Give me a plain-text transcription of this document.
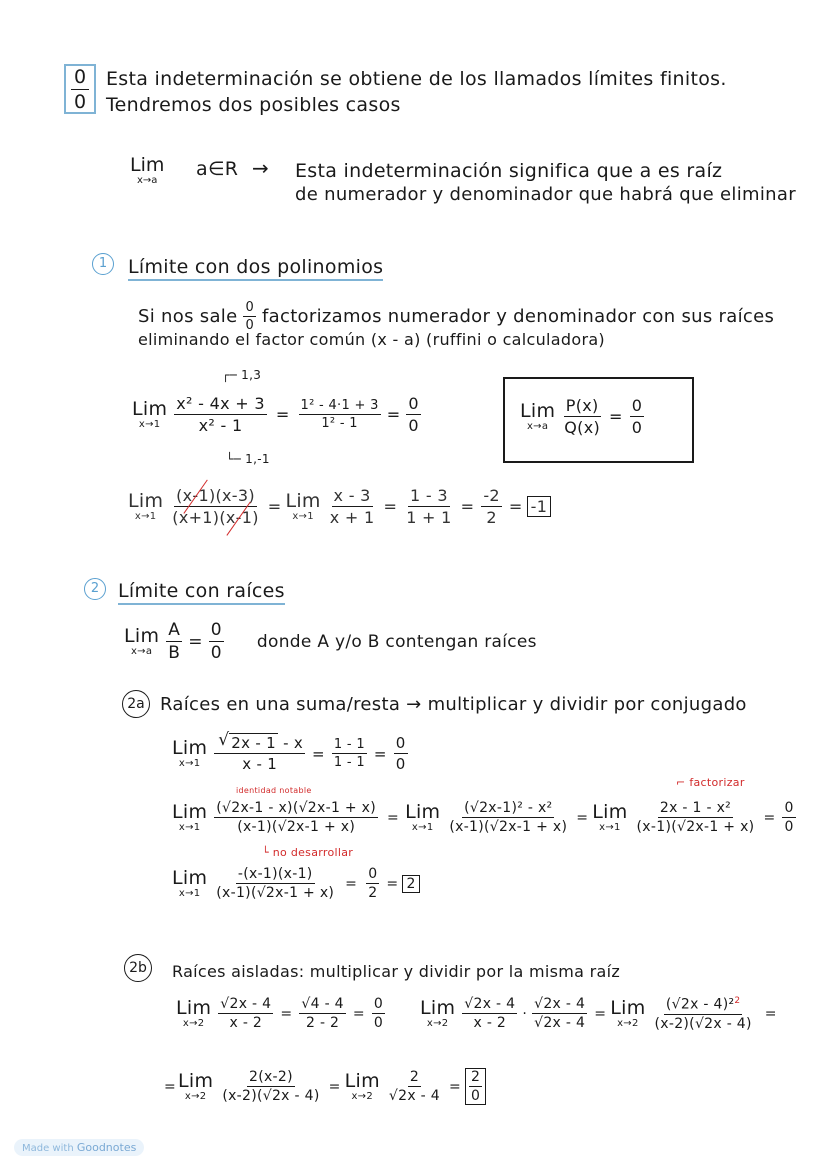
0
0
Esta indeterminación se obtiene de los llamados límites finitos.
Tendremos dos posibles casos
Lim
x→a
a∈R → Esta indeterminación significa que a es raíz
de numerador y denominador que habrá que eliminar
1	Límite con dos polinomios
Si nos sale $\frac{0}{0}$ factorizamos numerador y denominador con sus raíces
eliminando el factor común (x - a) (ruffini o calculadora)
┌─ 1,3
└─ 1,-1
Lim
$x\to 1 \frac{\text{x² - 4x + 3}}{\text{x² - 1}} = \frac{\text{1² - 4·1 + 3}}{\text{1² - 1}} = \frac{0}{0}$	Lim
$x\to a \frac{P(x)}{Q(x)} = \frac{0}{0}$
Lim
$x\to 1 \frac{(x-1)(x-3)}{(x+1)(x-1)}$ = Lim
$x\to 1 \frac{x - 3}{x + 1} = \frac{1 - 3}{1 + 1} = \frac{-2}{2} = -1$
2 Límite con raíces
Lim
$x\to a \frac{A}{B} = \frac{0}{0}$ donde A y/o B contengan raíces
2a Raíces en una suma/resta → multiplicar y dividir por conjugado
Lim
x→1
√ $\frac{2x - 1 - x}{x - 1} = \frac{1 - 1}{1 - 1} = \frac{0}{0}$
identidad notable
⌐ factorizar
Lim
$x\to 1 \frac{(√2x-1 - x)(√2x-1 + x)}{(x-1)(√2x-1 + x)}$ = Lim
$x\to 1 \frac{\text{(√2x-1)² - x²}}{(x-1)(√2x-1 + x)}$ = Lim
$x\to 1 \frac{\text{2x - 1 - x²}}{(x-1)(√2x-1 + x)} = \frac{0}{0}$
└ no desarrollar
Lim
$x\to 1 \frac{-(x-1)(x-1)}{(x-1)(√2x-1 + x)} = \frac{0}{2} = 2$
2b	Raíces aisladas: multiplicar y dividir por la misma raíz
Lim
$x\to 2 \frac{√2x - 4}{x - 2} = \frac{√4 - 4}{2 - 2} = \frac{0}{0}$ Lim
$x\to 2 \frac{√2x - 4}{x - 2} \cdot \frac{√2x - 4}{√2x - 4}$ = Lim
$x\to 2 \frac{(√2x - 4)^2^2}{(x-2)(√2x - 4)}$ =
= Lim
$x\to 2 \frac{2(x-2)}{(x-2)(√2x - 4)}$ = Lim
$x\to 2 \frac{2}{√2x - 4} = \frac{2}{0}$
Made with Goodnotes
